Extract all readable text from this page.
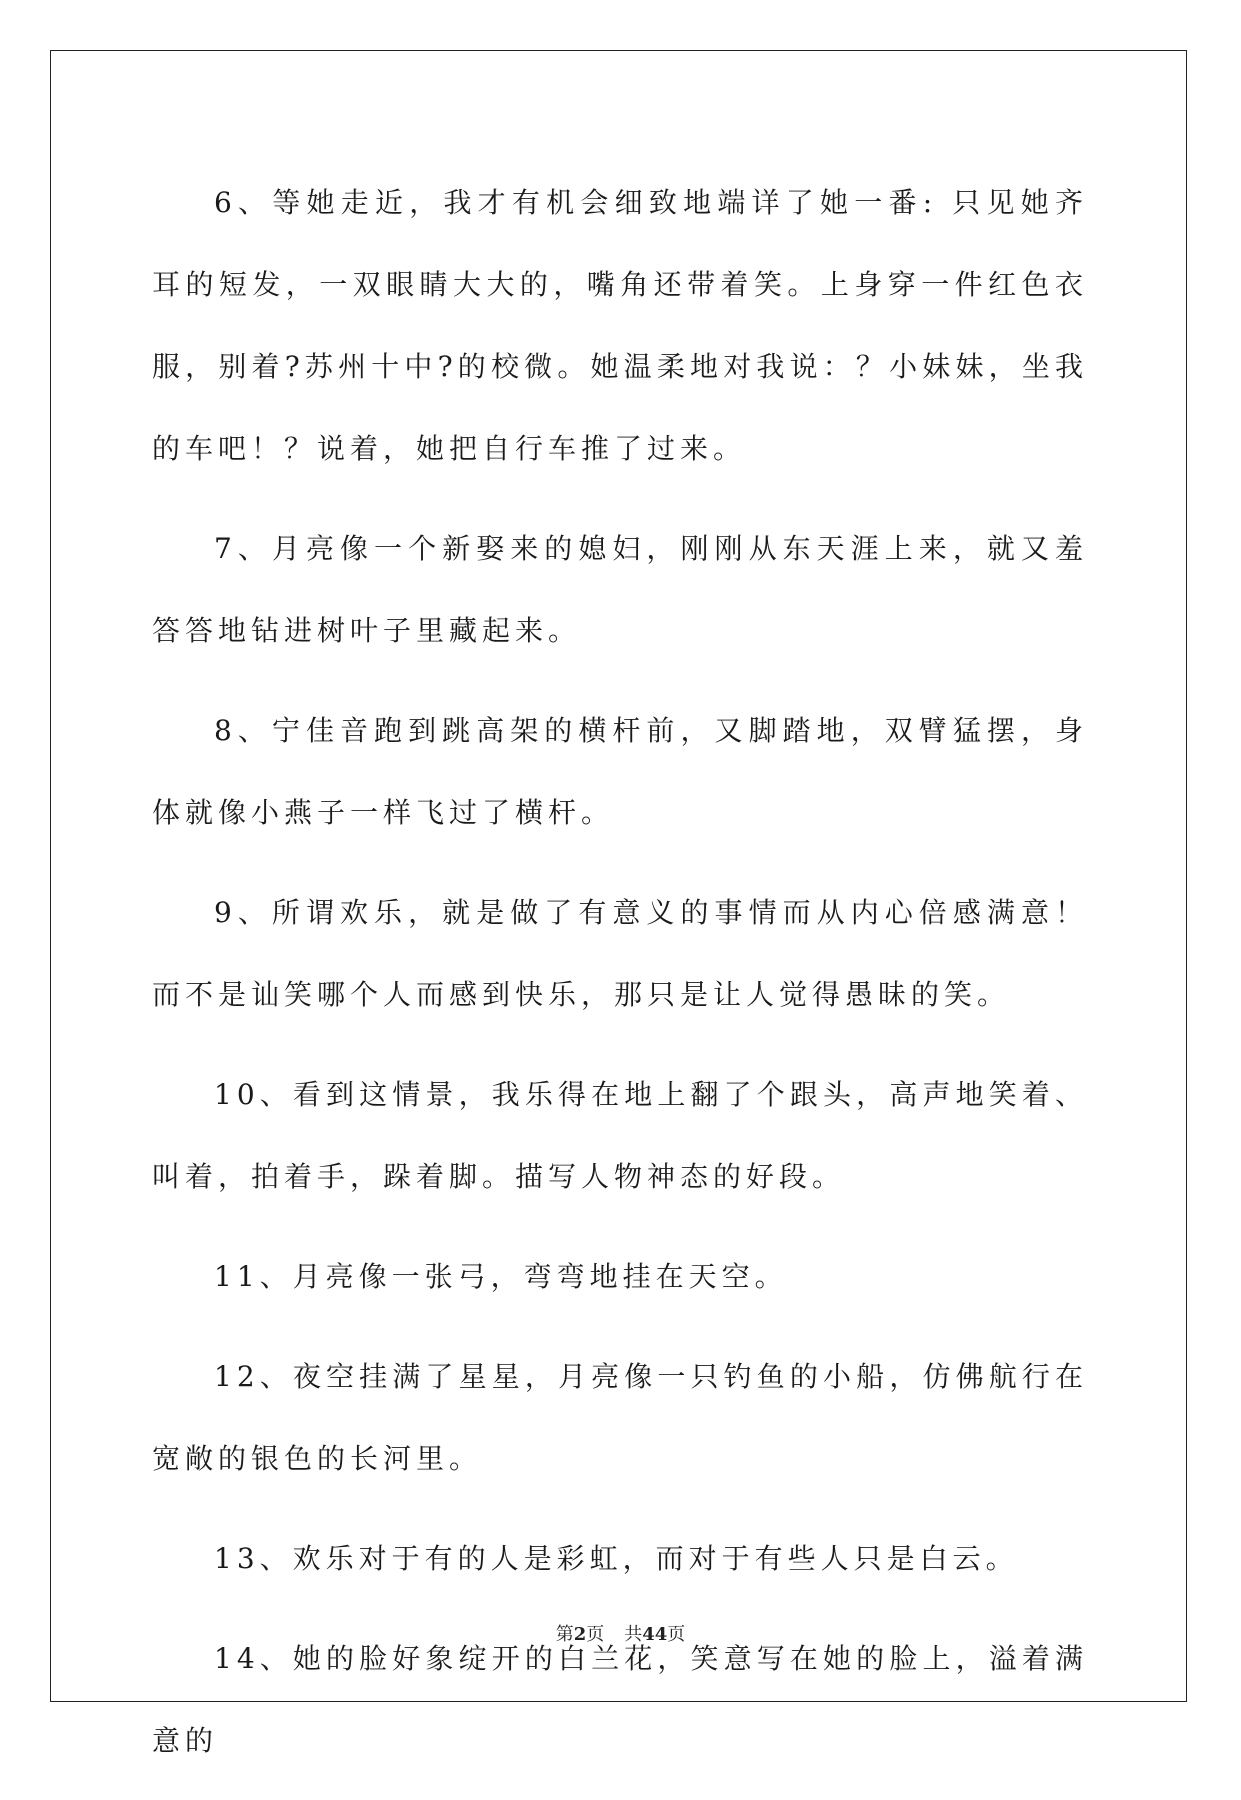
6、等她走近，我才有机会细致地端详了她一番: 只见她齐耳的短发，一双眼睛大大的，嘴角还带着笑。上身穿一件红色衣服，别着?苏州十中?的校微。她温柔地对我说：？小妹妹，坐我的车吧！？说着，她把自行车推了过来。

7、月亮像一个新娶来的媳妇，刚刚从东天涯上来，就又羞答答地钻进树叶子里藏起来。

8、宁佳音跑到跳高架的横杆前，又脚踏地，双臂猛摆，身体就像小燕子一样飞过了横杆。

9、所谓欢乐，就是做了有意义的事情而从内心倍感满意！而不是讪笑哪个人而感到快乐，那只是让人觉得愚昧的笑。

10、看到这情景，我乐得在地上翻了个跟头，高声地笑着、叫着，拍着手，跺着脚。描写人物神态的好段。

11、月亮像一张弓，弯弯地挂在天空。

12、夜空挂满了星星，月亮像一只钓鱼的小船，仿佛航行在宽敞的银色的长河里。

13、欢乐对于有的人是彩虹，而对于有些人只是白云。

14、她的脸好象绽开的白兰花，笑意写在她的脸上，溢着满意的

第2页 共44页
